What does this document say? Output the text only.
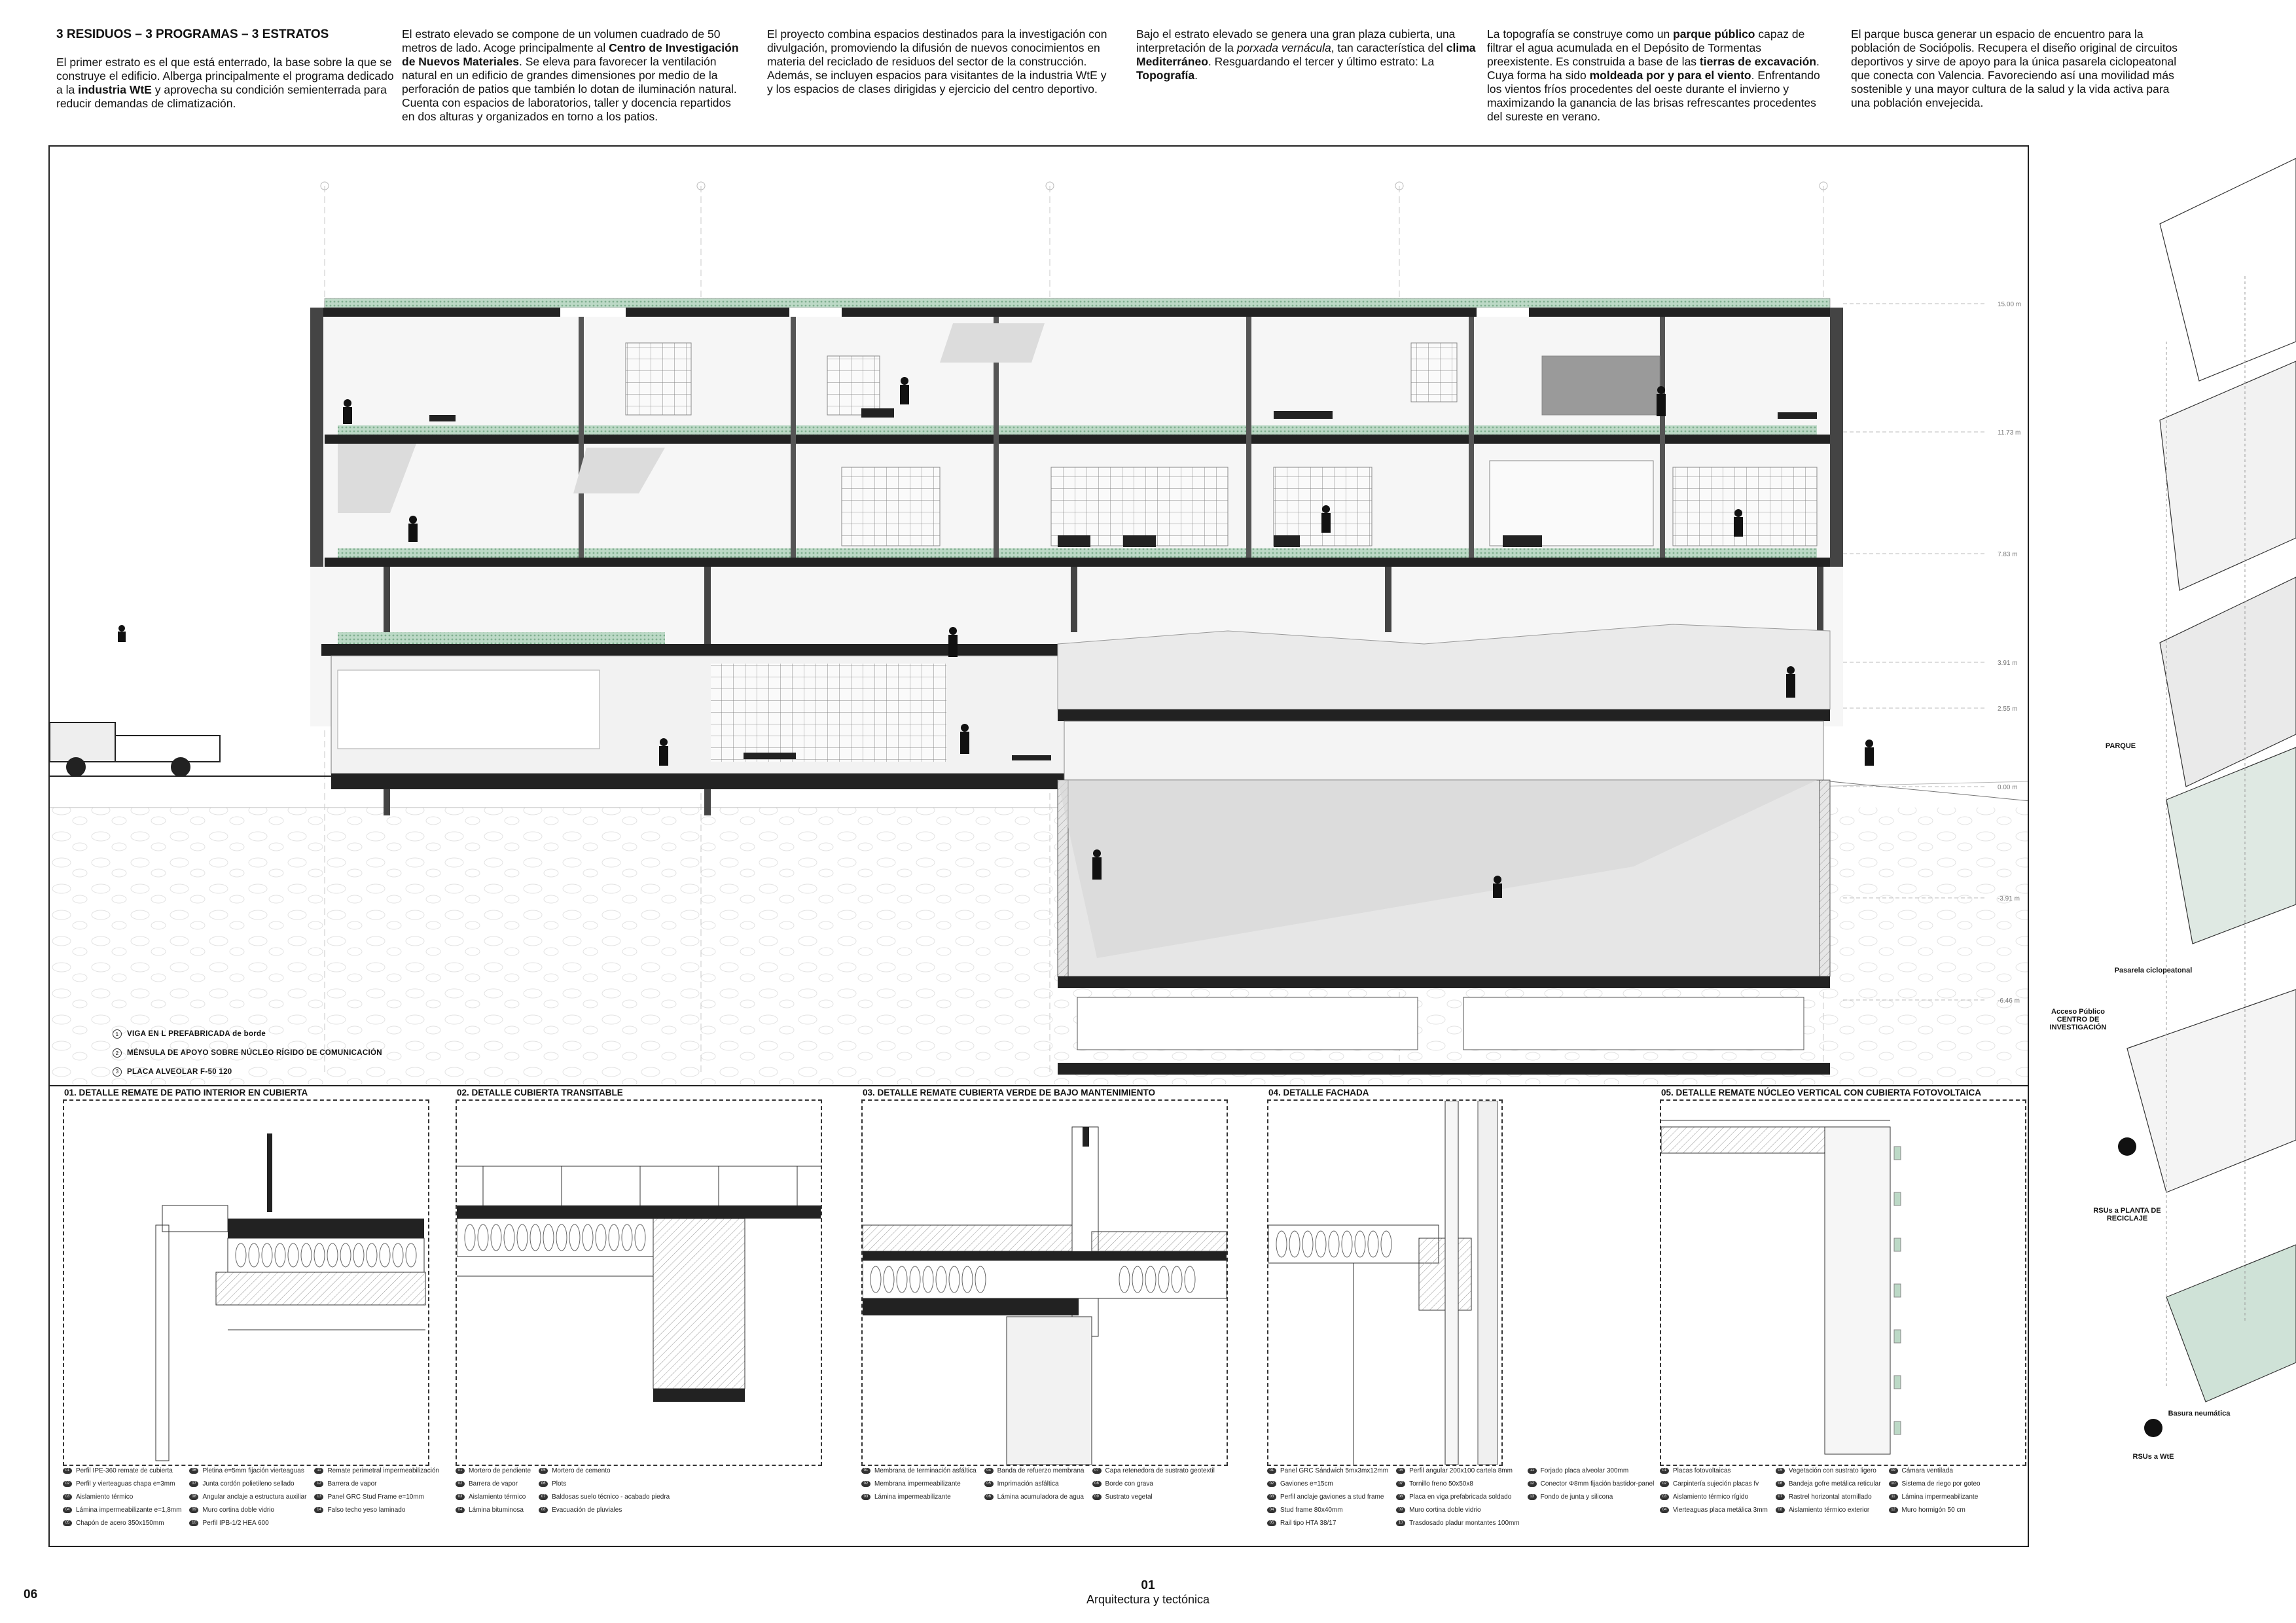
3 RESIDUOS – 3 PROGRAMAS – 3 ESTRATOS

El primer estrato es el que está enterrado, la base sobre la que se construye el edificio. Alberga principalmente el programa dedicado a la industria WtE y aprovecha su condición semienterrada para reducir demandas de climatización.

El estrato elevado se compone de un volumen cuadrado de 50 metros de lado. Acoge principalmente al Centro de Investigación de Nuevos Materiales. Se eleva para favorecer la ventilación natural en un edificio de grandes dimensiones por medio de la perforación de patios que también lo dotan de iluminación natural. Cuenta con espacios de laboratorios, taller y docencia repartidos en dos alturas y organizados en torno a los patios.

El proyecto combina espacios destinados para la investigación con divulgación, promoviendo la difusión de nuevos conocimientos en materia del reciclado de residuos del sector de la construcción. Además, se incluyen espacios para visitantes de la industria WtE y y los espacios de clases dirigidas y ejercicio del centro deportivo.

Bajo el estrato elevado se genera una gran plaza cubierta, una interpretación de la porxada vernácula, tan característica del clima Mediterráneo. Resguardando el tercer y último estrato: La Topografía.

La topografía se construye como un parque público capaz de filtrar el agua acumulada en el Depósito de Tormentas preexistente. Es construida a base de las tierras de excavación. Cuya forma ha sido moldeada por y para el viento. Enfrentando los vientos fríos procedentes del oeste durante el invierno y maximizando la ganancia de las brisas refrescantes procedentes del sureste en verano.

El parque busca generar un espacio de encuentro para la población de Sociópolis. Recupera el diseño original de circuitos deportivos y sirve de apoyo para la única pasarela ciclopeatonal que conecta con Valencia. Favoreciendo así una movilidad más sostenible y una mayor cultura de la salud y la vida activa para una población envejecida.

15.00 m
11.73 m
7.83 m
3.91 m
2.55 m
0.00 m
-3.91 m
-6.46 m
1	VIGA EN L PREFABRICADA de borde
2	MÉNSULA DE APOYO SOBRE NÚCLEO RÍGIDO DE COMUNICACIÓN
3	PLACA ALVEOLAR F-50 120
01. DETALLE REMATE DE PATIO INTERIOR EN CUBIERTA
01 Perfil IPE-360 remate de cubierta
02 Perfil y vierteaguas chapa e=3mm
03 Aislamiento térmico
04 Lámina impermeabilizante e=1,8mm
05 Chapón de acero 350x150mm
06 Pletina e=5mm fijación vierteaguas
07 Junta cordón polietileno sellado
08 Angular anclaje a estructura auxiliar
09 Muro cortina doble vidrio
10 Perfil IPB-1/2 HEA 600
11 Remate perimetral impermeabilización
12 Barrera de vapor
13 Panel GRC Stud Frame e=10mm
14 Falso techo yeso laminado
02. DETALLE CUBIERTA TRANSITABLE
01 Mortero de pendiente
02 Barrera de vapor
03 Aislamiento térmico
04 Lámina bituminosa
05 Mortero de cemento
06 Plots
07 Baldosas suelo técnico - acabado piedra
08 Evacuación de pluviales
03. DETALLE REMATE CUBIERTA VERDE DE BAJO MANTENIMIENTO
01 Membrana de terminación asfáltica
02 Membrana impermeabilizante
03 Lámina impermeabilizante
04 Banda de refuerzo membrana
05 Imprimación asfáltica
06 Lámina acumuladora de agua
07 Capa retenedora de sustrato geotextil
08 Borde con grava
09 Sustrato vegetal
04. DETALLE FACHADA
01 Panel GRC Sándwich 5mx3mx12mm
02 Gaviones e=15cm
03 Perfil anclaje gaviones a stud frame
04 Stud frame 80x40mm
05 Rail tipo HTA 38/17
06 Perfil angular 200x100 cartela 8mm
07 Tornillo freno 50x50x8
08 Placa en viga prefabricada soldado
09 Muro cortina doble vidrio
10 Trasdosado pladur montantes 100mm
11 Forjado placa alveolar 300mm
12 Conector Φ8mm fijación bastidor-panel
13 Fondo de junta y silicona
05. DETALLE REMATE NÚCLEO VERTICAL CON CUBIERTA FOTOVOLTAICA
01 Placas fotovoltaicas
02 Carpintería sujeción placas fv
03 Aislamiento térmico rígido
04 Vierteaguas placa metálica 3mm
05 Vegetación con sustrato ligero
06 Bandeja gofre metálica reticular
07 Rastrel horizontal atornillado
08 Aislamiento térmico exterior
09 Cámara ventilada
10 Sistema de riego por goteo
11 Lámina impermeabilizante
12 Muro hormigón 50 cm
PARQUE
Pasarela ciclopeatonal
Acceso Público CENTRO DE INVESTIGACIÓN
RSUs a PLANTA DE RECICLAJE
Basura neumática
RSUs a WtE
06
01
Arquitectura y tectónica
